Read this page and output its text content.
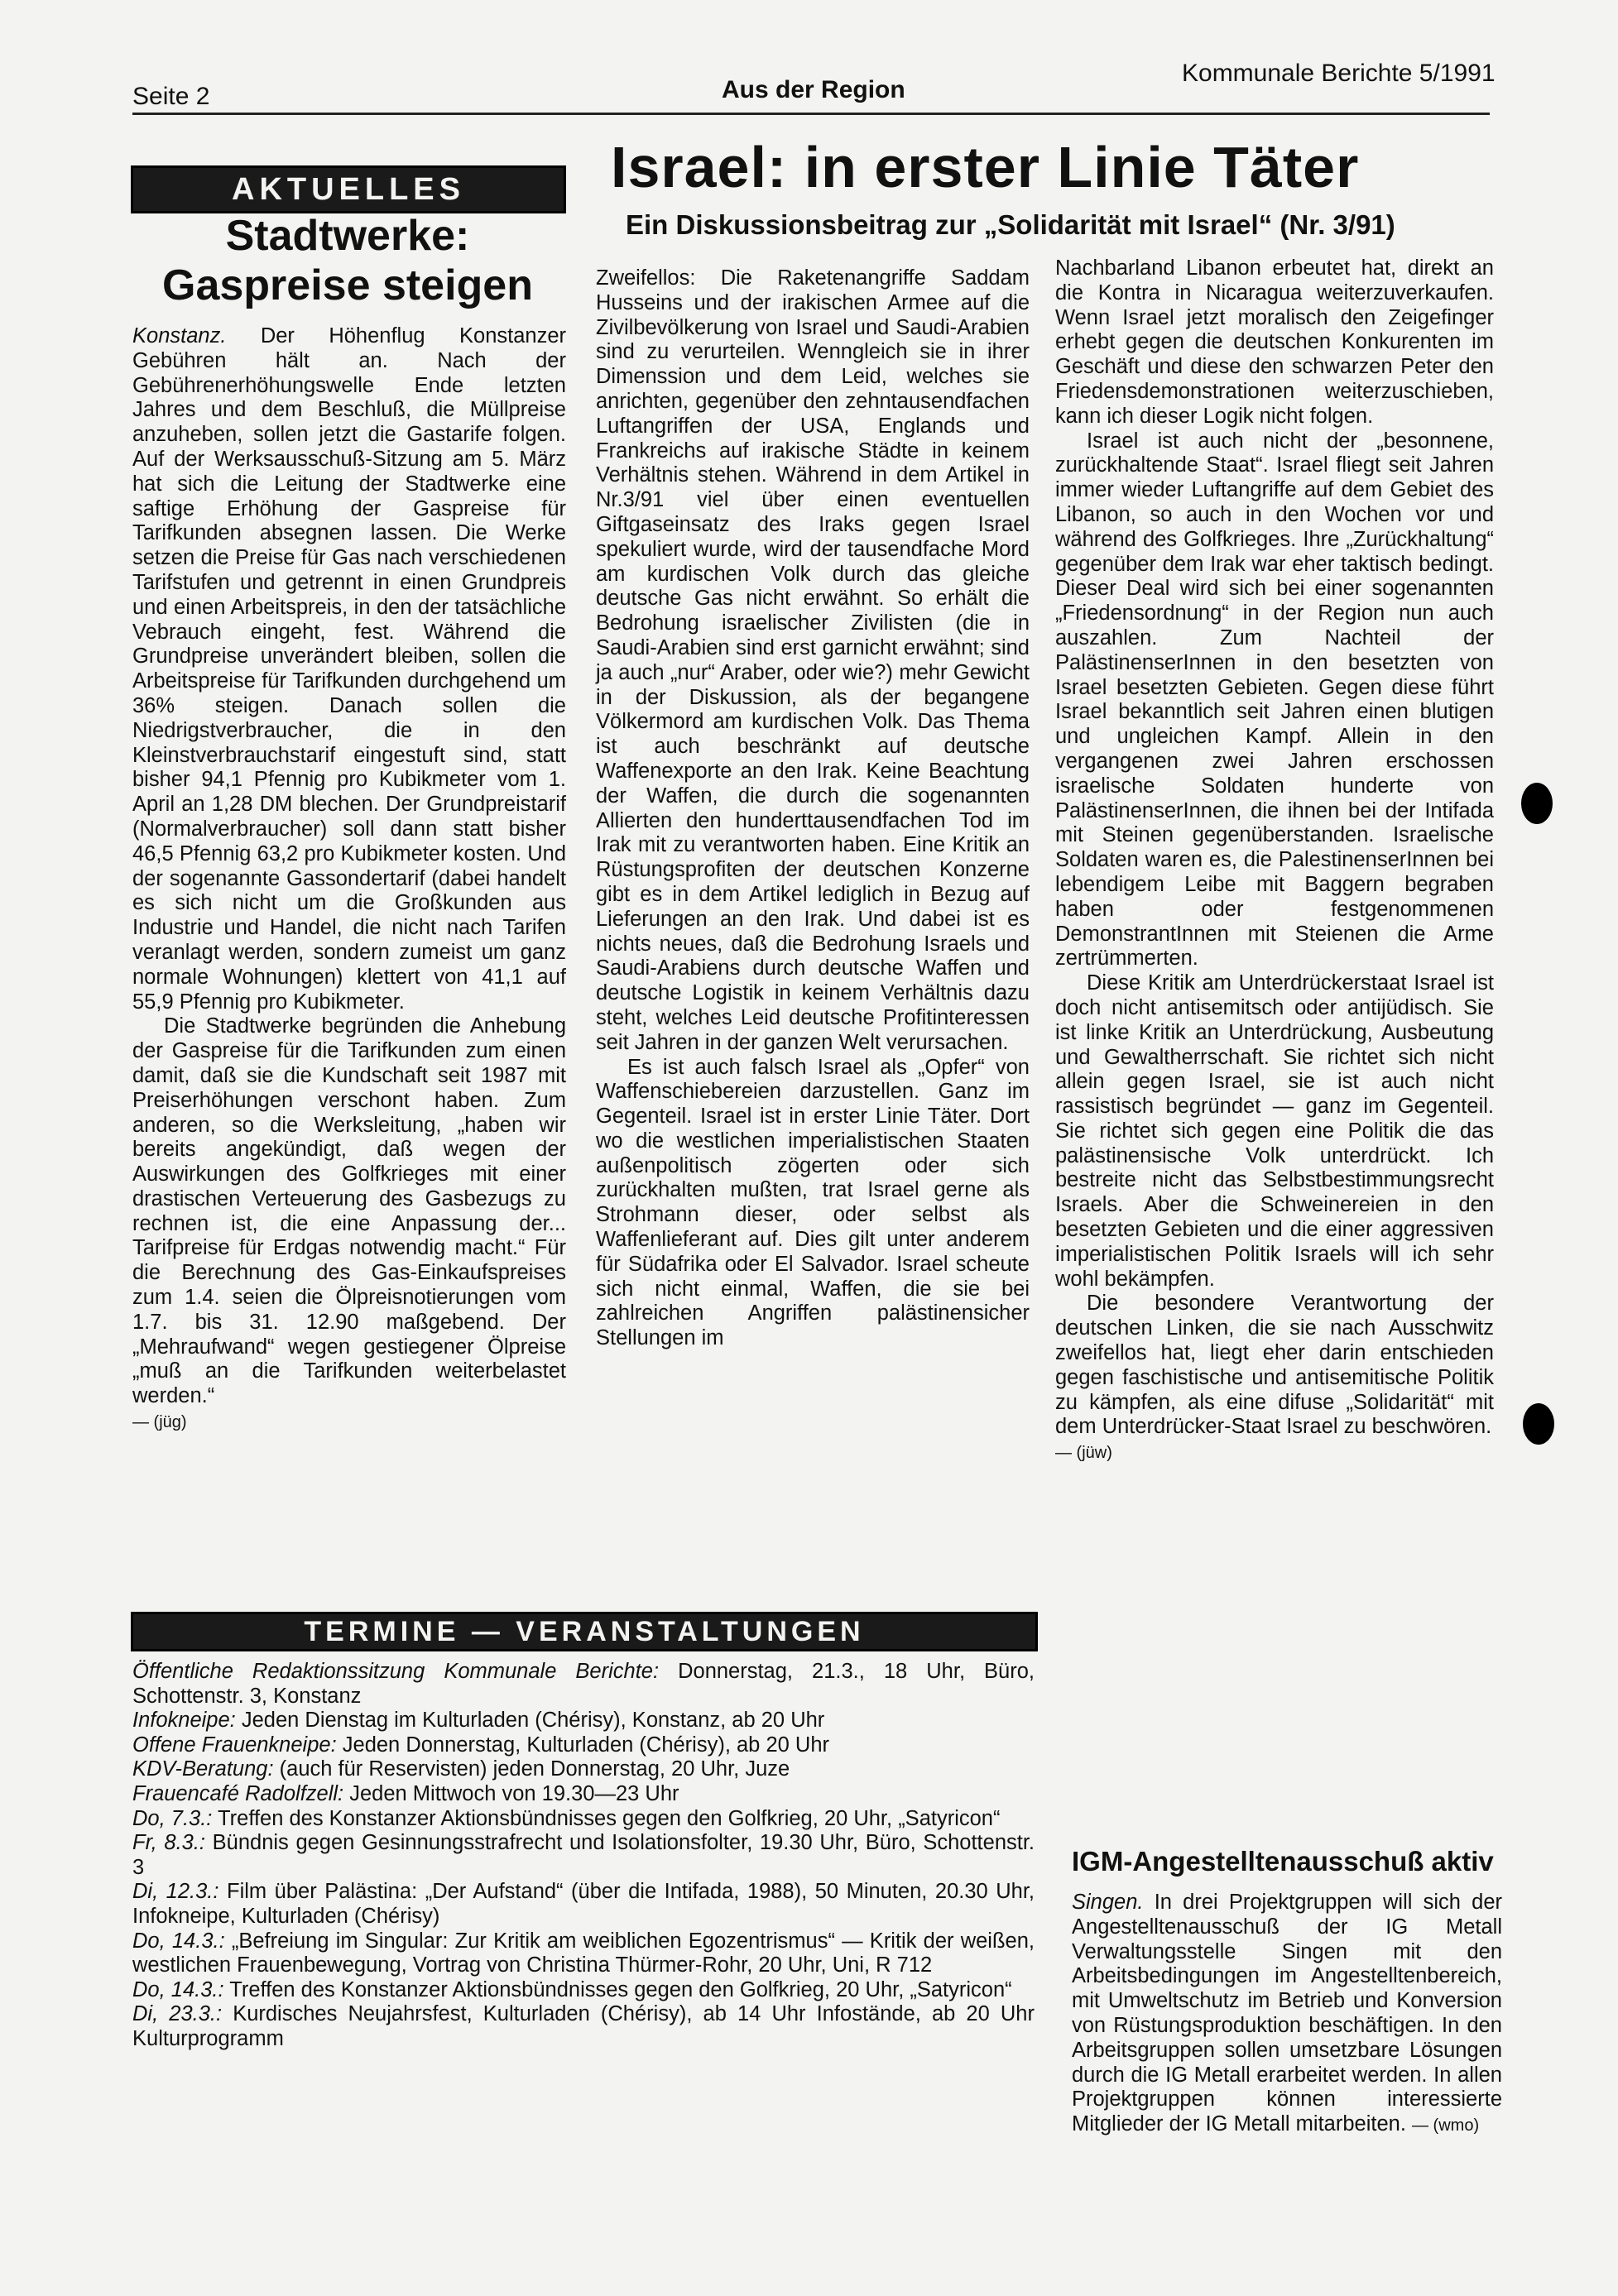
Seite 2	Aus der Region
Kommunale Berichte 5/1991
AKTUELLES
Stadtwerke:
Gaspreise steigen

Konstanz. Der Höhenflug Konstanzer Gebühren hält an. Nach der Gebührenerhöhungswelle Ende letzten Jahres und dem Beschluß, die Müllpreise anzuheben, sollen jetzt die Gastarife folgen. Auf der Werksausschuß-Sitzung am 5. März hat sich die Leitung der Stadtwerke eine saftige Erhöhung der Gaspreise für Tarifkunden absegnen lassen. Die Werke setzen die Preise für Gas nach verschiedenen Tarifstufen und getrennt in einen Grundpreis und einen Arbeitspreis, in den der tatsächliche Vebrauch eingeht, fest. Während die Grundpreise unverändert bleiben, sollen die Arbeitspreise für Tarifkunden durchgehend um 36% steigen. Danach sollen die Niedrigstverbraucher, die in den Kleinstverbrauchstarif eingestuft sind, statt bisher 94,1 Pfennig pro Kubikmeter vom 1. April an 1,28 DM blechen. Der Grundpreistarif (Normalverbraucher) soll dann statt bisher 46,5 Pfennig 63,2 pro Kubikmeter kosten. Und der sogenannte Gassondertarif (dabei handelt es sich nicht um die Großkunden aus Industrie und Handel, die nicht nach Tarifen veranlagt werden, sondern zumeist um ganz normale Wohnungen) klettert von 41,1 auf 55,9 Pfennig pro Kubikmeter.

Die Stadtwerke begründen die Anhebung der Gaspreise für die Tarifkunden zum einen damit, daß sie die Kundschaft seit 1987 mit Preiserhöhungen verschont haben. Zum anderen, so die Werksleitung, „haben wir bereits angekündigt, daß wegen der Auswirkungen des Golfkrieges mit einer drastischen Verteuerung des Gasbezugs zu rechnen ist, die eine Anpassung der... Tarifpreise für Erdgas notwendig macht.“ Für die Berechnung des Gas-Einkaufspreises zum 1.4. seien die Ölpreisnotierungen vom 1.7. bis 31. 12.90 maßgebend. Der „Mehraufwand“ wegen gestiegener Ölpreise „muß an die Tarifkunden weiterbelastet werden.“

— (jüg)

Israel: in erster Linie Täter
Ein Diskussionsbeitrag zur „Solidarität mit Israel“ (Nr. 3/91)

Zweifellos: Die Raketenangriffe Saddam Husseins und der irakischen Armee auf die Zivilbevölkerung von Israel und Saudi-Arabien sind zu verurteilen. Wenngleich sie in ihrer Dimenssion und dem Leid, welches sie anrichten, gegenüber den zehntausendfachen Luftangriffen der USA, Englands und Frankreichs auf irakische Städte in keinem Verhältnis stehen. Während in dem Artikel in Nr.3/91 viel über einen eventuellen Giftgaseinsatz des Iraks gegen Israel spekuliert wurde, wird der tausendfache Mord am kurdischen Volk durch das gleiche deutsche Gas nicht erwähnt. So erhält die Bedrohung israelischer Zivilisten (die in Saudi-Arabien sind erst garnicht erwähnt; sind ja auch „nur“ Araber, oder wie?) mehr Gewicht in der Diskussion, als der begangene Völkermord am kurdischen Volk. Das Thema ist auch beschränkt auf deutsche Waffenexporte an den Irak. Keine Beachtung der Waffen, die durch die sogenannten Allierten den hunderttausendfachen Tod im Irak mit zu verantworten haben. Eine Kritik an Rüstungsprofiten der deutschen Konzerne gibt es in dem Artikel lediglich in Bezug auf Lieferungen an den Irak. Und dabei ist es nichts neues, daß die Bedrohung Israels und Saudi-Arabiens durch deutsche Waffen und deutsche Logistik in keinem Verhältnis dazu steht, welches Leid deutsche Profitinteressen seit Jahren in der ganzen Welt verursachen.

Es ist auch falsch Israel als „Opfer“ von Waffenschiebereien darzustellen. Ganz im Gegenteil. Israel ist in erster Linie Täter. Dort wo die westlichen imperialistischen Staaten außenpolitisch zögerten oder sich zurückhalten mußten, trat Israel gerne als Strohmann dieser, oder selbst als Waffenlieferant auf. Dies gilt unter anderem für Südafrika oder El Salvador. Israel scheute sich nicht einmal, Waffen, die sie bei zahlreichen Angriffen palästinensicher Stellungen im

Nachbarland Libanon erbeutet hat, direkt an die Kontra in Nicaragua weiterzuverkaufen. Wenn Israel jetzt moralisch den Zeigefinger erhebt gegen die deutschen Konkurenten im Geschäft und diese den schwarzen Peter den Friedensdemonstrationen weiterzuschieben, kann ich dieser Logik nicht folgen.

Israel ist auch nicht der „besonnene, zurückhaltende Staat“. Israel fliegt seit Jahren immer wieder Luftangriffe auf dem Gebiet des Libanon, so auch in den Wochen vor und während des Golfkrieges. Ihre „Zurückhaltung“ gegenüber dem Irak war eher taktisch bedingt. Dieser Deal wird sich bei einer sogenannten „Friedensordnung“ in der Region nun auch auszahlen. Zum Nachteil der PalästinenserInnen in den besetzten von Israel besetzten Gebieten. Gegen diese führt Israel bekanntlich seit Jahren einen blutigen und ungleichen Kampf. Allein in den vergangenen zwei Jahren erschossen israelische Soldaten hunderte von PalästinenserInnen, die ihnen bei der Intifada mit Steinen gegenüberstanden. Israelische Soldaten waren es, die PalestinenserInnen bei lebendigem Leibe mit Baggern begraben haben oder festgenommenen DemonstrantInnen mit Steienen die Arme zertrümmerten.

Diese Kritik am Unterdrückerstaat Israel ist doch nicht antisemitsch oder antijüdisch. Sie ist linke Kritik an Unterdrückung, Ausbeutung und Gewaltherrschaft. Sie richtet sich nicht allein gegen Israel, sie ist auch nicht rassistisch begründet — ganz im Gegenteil. Sie richtet sich gegen eine Politik die das palästinensische Volk unterdrückt. Ich bestreite nicht das Selbstbestimmungsrecht Israels. Aber die Schweinereien in den besetzten Gebieten und die einer aggressiven imperialistischen Politik Israels will ich sehr wohl bekämpfen.

Die besondere Verantwortung der deutschen Linken, die sie nach Ausschwitz zweifellos hat, liegt eher darin entschieden gegen faschistische und antisemitische Politik zu kämpfen, als eine difuse „Solidarität“ mit dem Unterdrücker-Staat Israel zu beschwören.

— (jüw)

TERMINE — VERANSTALTUNGEN

Öffentliche Redaktionssitzung Kommunale Berichte: Donnerstag, 21.3., 18 Uhr, Büro, Schottenstr. 3, Konstanz

Infokneipe: Jeden Dienstag im Kulturladen (Chérisy), Konstanz, ab 20 Uhr

Offene Frauenkneipe: Jeden Donnerstag, Kulturladen (Chérisy), ab 20 Uhr

KDV-Beratung: (auch für Reservisten) jeden Donnerstag, 20 Uhr, Juze

Frauencafé Radolfzell: Jeden Mittwoch von 19.30—23 Uhr

Do, 7.3.: Treffen des Konstanzer Aktionsbündnisses gegen den Golfkrieg, 20 Uhr, „Satyricon“

Fr, 8.3.: Bündnis gegen Gesinnungsstrafrecht und Isolationsfolter, 19.30 Uhr, Büro, Schottenstr. 3

Di, 12.3.: Film über Palästina: „Der Aufstand“ (über die Intifada, 1988), 50 Minuten, 20.30 Uhr, Infokneipe, Kulturladen (Chérisy)

Do, 14.3.: „Befreiung im Singular: Zur Kritik am weiblichen Egozentrismus“ — Kritik der weißen, westlichen Frauenbewegung, Vortrag von Christina Thürmer-Rohr, 20 Uhr, Uni, R 712

Do, 14.3.: Treffen des Konstanzer Aktionsbündnisses gegen den Golfkrieg, 20 Uhr, „Satyricon“

Di, 23.3.: Kurdisches Neujahrsfest, Kulturladen (Chérisy), ab 14 Uhr Infostände, ab 20 Uhr Kulturprogramm

IGM-Angestelltenausschuß aktiv

Singen. In drei Projektgruppen will sich der Angestelltenausschuß der IG Metall Verwaltungsstelle Singen mit den Arbeitsbedingungen im Angestelltenbereich, mit Umweltschutz im Betrieb und Konversion von Rüstungsproduktion beschäftigen. In den Arbeitsgruppen sollen umsetzbare Lösungen durch die IG Metall erarbeitet werden. In allen Projektgruppen können interessierte Mitglieder der IG Metall mitarbeiten. — (wmo)
